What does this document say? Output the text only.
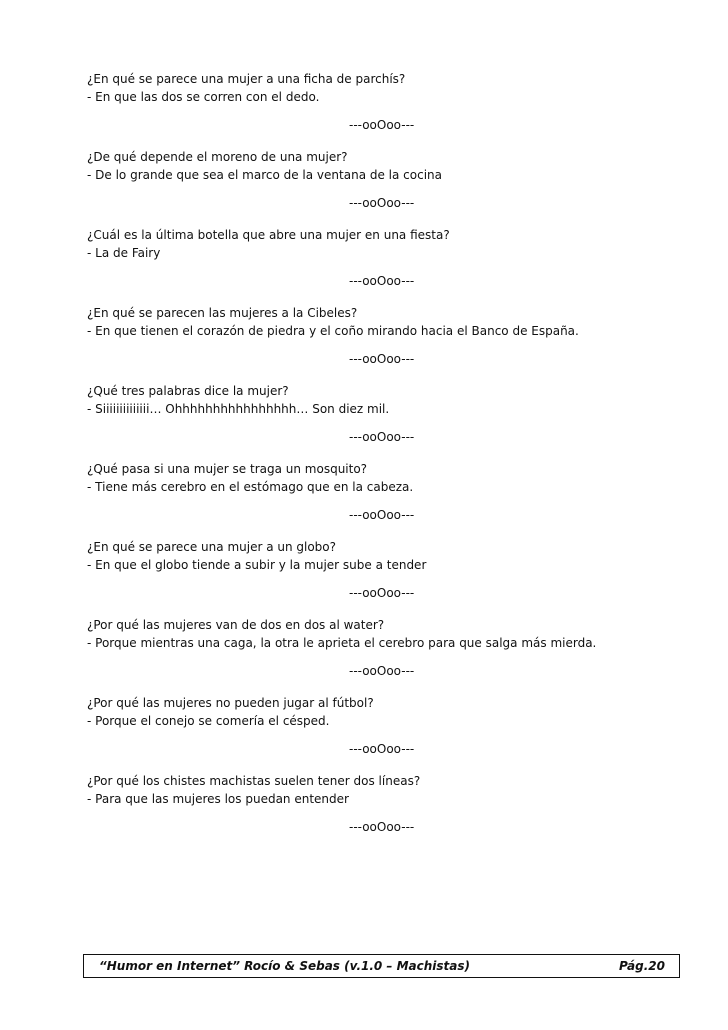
¿En qué se parece una mujer a una ficha de parchís?
- En que las dos se corren con el dedo.
---ooOoo---
¿De qué depende el moreno de una mujer?
- De lo grande que sea el marco de la ventana de la cocina
---ooOoo---
¿Cuál es la última botella que abre una mujer en una fiesta?
- La de Fairy
---ooOoo---
¿En qué se parecen las mujeres a la Cibeles?
- En que tienen el corazón de piedra y el coño mirando hacia el Banco de España.
---ooOoo---
¿Qué tres palabras dice la mujer?
- Siiiiiiiiiiiiii… Ohhhhhhhhhhhhhhhh… Son diez mil.
---ooOoo---
¿Qué pasa si una mujer se traga un mosquito?
- Tiene más cerebro en el estómago que en la cabeza.
---ooOoo---
¿En qué se parece una mujer a un globo?
- En que el globo tiende a subir y la mujer sube a tender
---ooOoo---
¿Por qué las mujeres van de dos en dos al water?
- Porque mientras una caga, la otra le aprieta el cerebro para que salga más mierda.
---ooOoo---
¿Por qué las mujeres no pueden jugar al fútbol?
- Porque el conejo se comería el césped.
---ooOoo---
¿Por qué los chistes machistas suelen tener dos líneas?
- Para que las mujeres los puedan entender
---ooOoo---
“Humor en Internet” Rocío & Sebas (v.1.0 – Machistas)	Pág.20
